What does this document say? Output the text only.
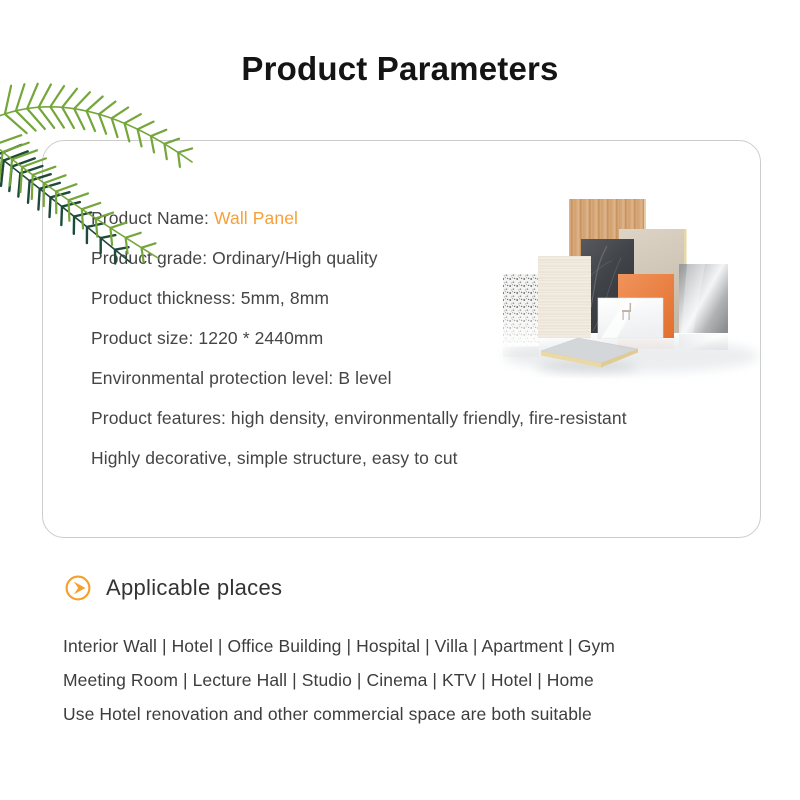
Product Parameters
Product Name: Wall Panel
Product grade: Ordinary/High quality
Product thickness: 5mm, 8mm
Product size: 1220 * 2440mm
Environmental protection level: B level
Product features: high density, environmentally friendly, fire-resistant
Highly decorative, simple structure, easy to cut
Applicable places

Interior Wall | Hotel | Office Building | Hospital | Villa | Apartment | Gym
Meeting Room | Lecture Hall | Studio | Cinema | KTV | Hotel | Home
Use Hotel renovation and other commercial space are both suitable
